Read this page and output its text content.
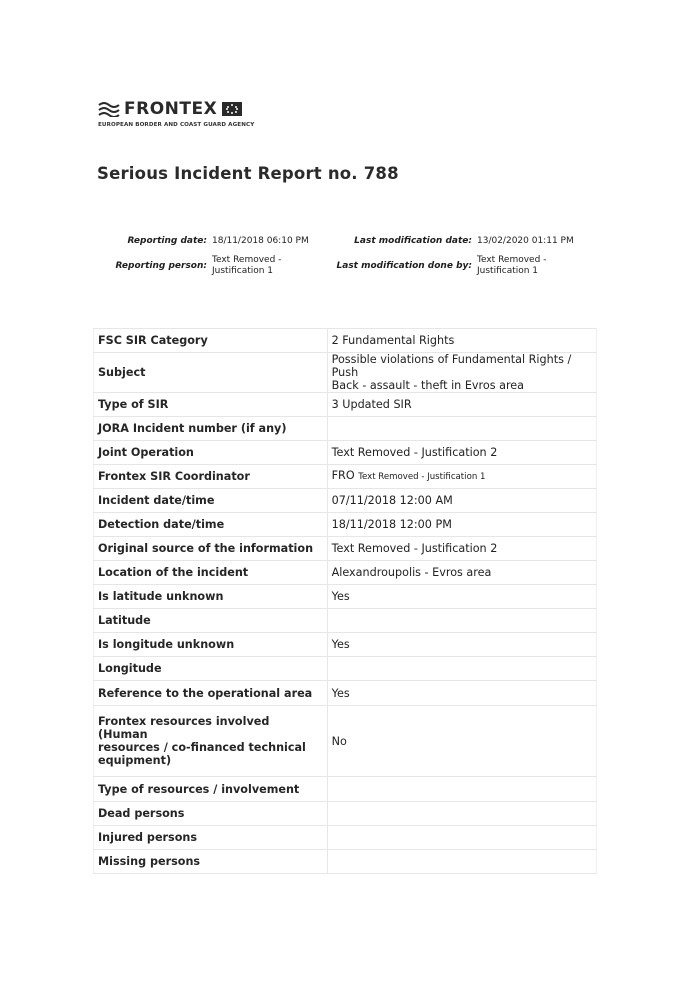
FRONTEX
EUROPEAN BORDER AND COAST GUARD AGENCY
Serious Incident Report no. 788
Reporting date: 18/11/2018 06:10 PM
Reporting person:
Text Removed -
Justification 1
Last modification date: 13/02/2020 01:11 PM
Last modification done by:
Text Removed -
Justification 1
FSC SIR Category	2 Fundamental Rights
Subject	Possible violations of Fundamental Rights / Push
Back - assault - theft in Evros area

Type of SIR	3 Updated SIR
JORA Incident number (if any)	
Joint Operation	Text Removed - Justification 2
Frontex SIR Coordinator	FRO Text Removed - Justification 1
Incident date/time	07/11/2018 12:00 AM
Detection date/time	18/11/2018 12:00 PM
Original source of the information	Text Removed - Justification 2
Location of the incident	Alexandroupolis - Evros area
Is latitude unknown	Yes
Latitude	
Is longitude unknown	Yes
Longitude	
Reference to the operational area	Yes

Frontex resources involved (Human
resources / co-financed technical
equipment)	No
Type of resources / involvement	
Dead persons	
Injured persons	
Missing persons	
